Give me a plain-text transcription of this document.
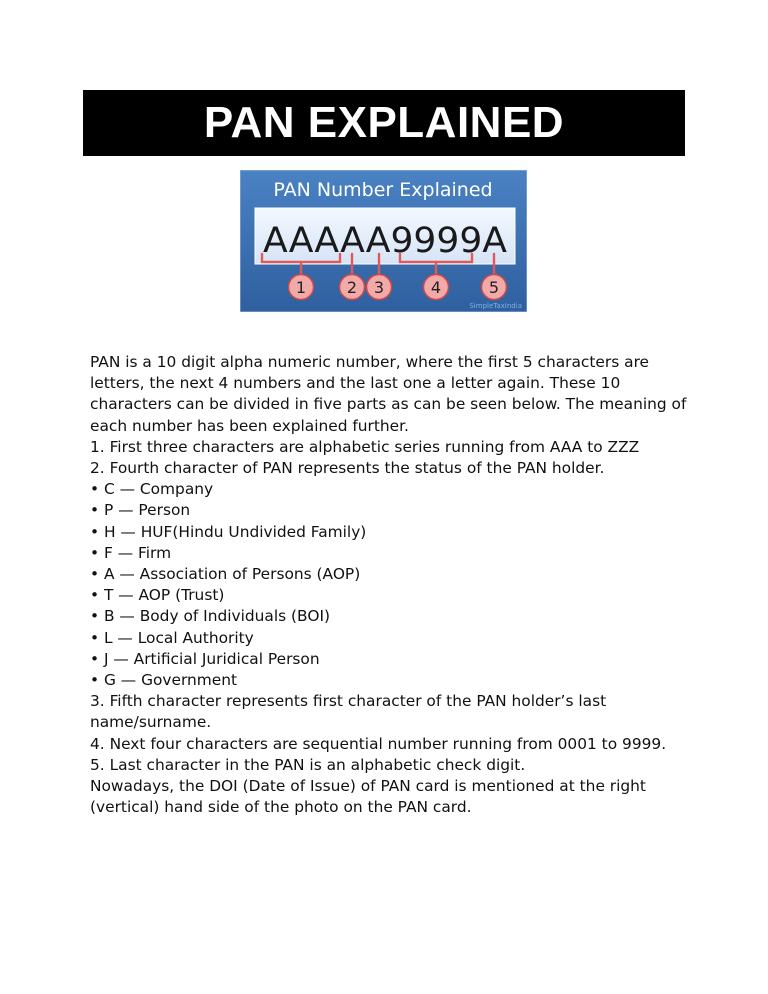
PAN EXPLAINED
PAN Number Explained
AAAAA9999A
1	2 3	4	5
SimpleTaxIndia

PAN is a 10 digit alpha numeric number, where the first 5 characters are letters, the next 4 numbers and the last one a letter again. These 10 characters can be divided in five parts as can be seen below. The meaning of each number has been explained further.

1. First three characters are alphabetic series running from AAA to ZZZ

2. Fourth character of PAN represents the status of the PAN holder.

• C — Company
• P — Person
• H — HUF(Hindu Undivided Family)
• F — Firm
• A — Association of Persons (AOP)
• T — AOP (Trust)
• B — Body of Individuals (BOI)
• L — Local Authority
• J — Artificial Juridical Person
• G — Government

3. Fifth character represents first character of the PAN holder’s last name/surname.

4. Next four characters are sequential number running from 0001 to 9999.

5. Last character in the PAN is an alphabetic check digit.

Nowadays, the DOI (Date of Issue) of PAN card is mentioned at the right (vertical) hand side of the photo on the PAN card.
